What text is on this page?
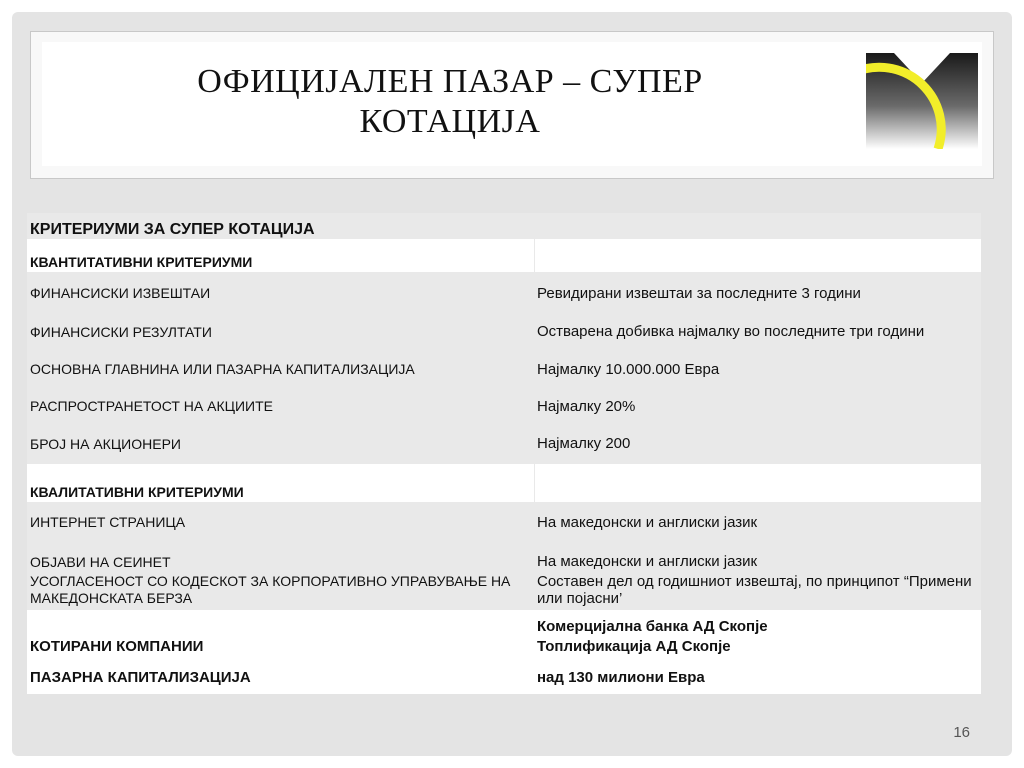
ОФИЦИЈАЛЕН ПАЗАР – СУПЕР
КОТАЦИЈА
КРИТЕРИУМИ ЗА СУПЕР КОТАЦИЈА	
КВАНТИТАТИВНИ КРИТЕРИУМИ	
ФИНАНСИСКИ ИЗВЕШТАИ	Ревидирани извештаи за последните 3 години
ФИНАНСИСКИ РЕЗУЛТАТИ	Остварена добивка најмалку во последните три години
ОСНОВНА ГЛАВНИНА ИЛИ ПАЗАРНА КАПИТАЛИЗАЦИЈА	Најмалку 10.000.000 Евра
РАСПРОСТРАНЕТОСТ НА АКЦИИТЕ	Најмалку 20%
БРОЈ НА АКЦИОНЕРИ	Најмалку 200
КВАЛИТАТИВНИ КРИТЕРИУМИ	
ИНТЕРНЕТ СТРАНИЦА	На македонски и англиски јазик
ОБЈАВИ НА СЕИНЕТ	На македонски и англиски јазик
УСОГЛАСЕНОСТ СО КОДЕСКОТ ЗА КОРПОРАТИВНО УПРАВУВАЊЕ НА МАКЕДОНСКАТА БЕРЗА	Составен дел од годишниот извештај, по принципот “Примени или појасни’
КОТИРАНИ КОМПАНИИ	Комерцијална банка АД Скопје
Топлификација АД Скопје

ПАЗАРНА КАПИТАЛИЗАЦИЈА	над 130 милиони Евра
16
